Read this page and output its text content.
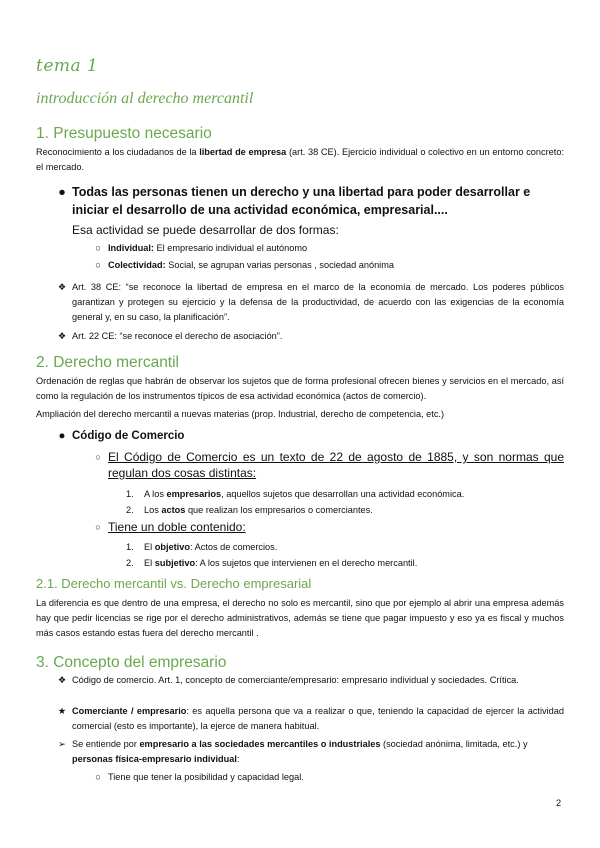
tema 1
introducción al derecho mercantil
1. Presupuesto necesario
Reconocimiento a los ciudadanos de la libertad de empresa (art. 38 CE). Ejercicio individual o colectivo en un entorno concreto: el mercado.
● Todas las personas tienen un derecho y una libertad para poder desarrollar e iniciar el desarrollo de una actividad económica, empresarial....
Esa actividad se puede desarrollar de dos formas:
○ Individual: El empresario individual el autónomo
○ Colectividad: Social, se agrupan varias personas , sociedad anónima
❖ Art. 38 CE: “se reconoce la libertad de empresa en el marco de la economía de mercado. Los poderes públicos garantizan y protegen su ejercicio y la defensa de la productividad, de acuerdo con las exigencias de la economía general y, en su caso, la planificación”.
❖ Art. 22 CE: “se reconoce el derecho de asociación”.
2. Derecho mercantil
Ordenación de reglas que habrán de observar los sujetos que de forma profesional ofrecen bienes y servicios en el mercado, así como la regulación de los instrumentos típicos de esa actividad económica (actos de comercio).
Ampliación del derecho mercantil a nuevas materias (prop. Industrial, derecho de competencia, etc.)
● Código de Comercio
○ El Código de Comercio es un texto de 22 de agosto de 1885, y son normas que regulan dos cosas distintas:
1.	A los empresarios, aquellos sujetos que desarrollan una actividad económica.
2.	Los actos que realizan los empresarios o comerciantes.
○ Tiene un doble contenido:
1.	El objetivo: Actos de comercios.
2.	El subjetivo: A los sujetos que intervienen en el derecho mercantil.
2.1. Derecho mercantil vs. Derecho empresarial
La diferencia es que dentro de una empresa, el derecho no solo es mercantil, sino que por ejemplo al abrir una empresa además hay que pedir licencias se rige por el derecho administrativos, además se tiene que pagar impuesto y eso ya es fiscal y muchos más casos estando estas fuera del derecho mercantil .
3. Concepto del empresario
❖ Código de comercio. Art. 1, concepto de comerciante/empresario: empresario individual y sociedades. Crítica.
★ Comerciante / empresario: es aquella persona que va a realizar o que, teniendo la capacidad de ejercer la actividad comercial (esto es importante), la ejerce de manera habitual.
➢ Se entiende por empresario a las sociedades mercantiles o industriales (sociedad anónima, limitada, etc.) y personas física-empresario individual:
○ Tiene que tener la posibilidad y capacidad legal.
2
